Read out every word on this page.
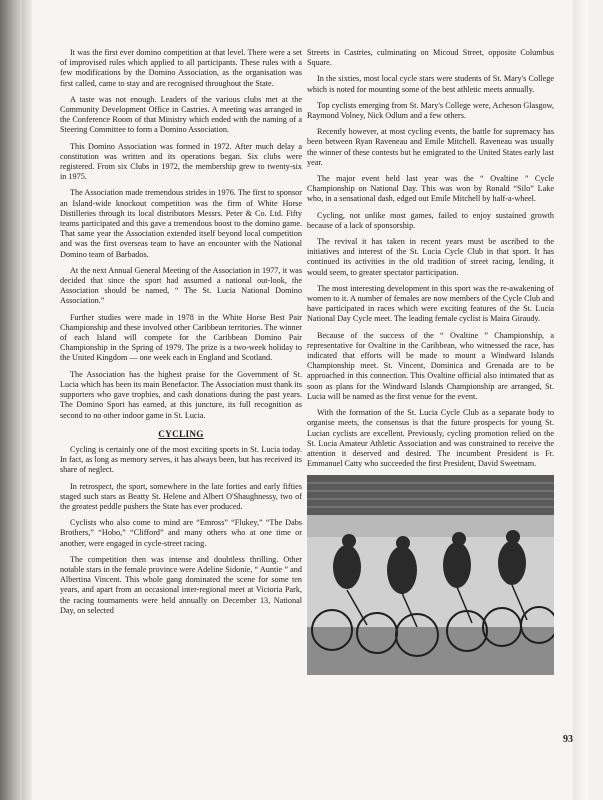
It was the first ever domino competition at that level. There were a set of improvised rules which applied to all participants. These rules with a few modifications by the Domino Association, as the organisation was first called, came to stay and are recognised throughout the State.

A taste was not enough. Leaders of the various clubs met at the Community Development Office in Castries. A meeting was arranged in the Conference Room of that Ministry which ended with the naming of a Steering Committee to form a Domino Association.

This Domino Association was formed in 1972. After much delay a constitution was written and its operations began. Six clubs were registered. From six Clubs in 1972, the membership grew to twenty-six in 1975.

The Association made tremendous strides in 1976. The first to sponsor an Island-wide knockout competition was the firm of White Horse Distilleries through its local distributors Messrs. Peter & Co. Ltd. Fifty teams participated and this gave a tremendous boost to the domino game. That same year the Association extended itself beyond local competition and was the first overseas team to have an encounter with the National Domino team of Barbados.

At the next Annual General Meeting of the Association in 1977, it was decided that since the sport had assumed a national out-look, the Association should be named, “ The St. Lucia National Domino Association.”

Further studies were made in 1978 in the White Horse Best Pair Championship and these involved other Caribbean territories. The winner of each Island will compete for the Caribbean Domino Pair Championship in the Spring of 1979. The prize is a two-week holiday to the United Kingdom — one week each in England and Scotland.

The Association has the highest praise for the Government of St. Lucia which has been its main Benefactor. The Association must thank its supporters who gave trophies, and cash donations during the past years. The Domino Sport has earned, at this juncture, its full recognition as second to no other indoor game in St. Lucia.

CYCLING

Cycling is certainly one of the most exciting sports in St. Lucia today. In fact, as long as memory serves, it has always been, but has received its share of neglect.

In retrospect, the sport, somewhere in the late forties and early fifties staged such stars as Beatty St. Helene and Albert O'Shaughnessy, two of the greatest peddle pushers the State has ever produced.

Cyclists who also come to mind are “Emross” “Flukey,” “The Dabs Brothers,” “Hobo,” “Clifford” and many others who at one time or another, were engaged in cycle-street racing.

The competition then was intense and doubtless thrilling. Other notable stars in the female province were Adeline Sidonie, “ Auntie ” and Albertina Vincent. This whole gang dominated the scene for some ten years, and apart from an occasional inter-regional meet at Victoria Park, the racing tournaments were held annually on December 13, National Day, on selected

Streets in Castries, culminating on Micoud Street, opposite Columbus Square.

In the sixties, most local cycle stars were students of St. Mary's College which is noted for mounting some of the best athletic meets annually.

Top cyclists emerging from St. Mary's College were, Acheson Glasgow, Raymond Volney, Nick Odlum and a few others.

Recently however, at most cycling events, the battle for supremacy has been between Ryan Raveneau and Emile Mitchell. Raveneau was usually the winner of these contests but he emigrated to the United States early last year.

The major event held last year was the “ Ovaltine ” Cycle Championship on National Day. This was won by Ronald “Silo” Lake who, in a sensational dash, edged out Emile Mitchell by half-a-wheel.

Cycling, not unlike most games, failed to enjoy sustained growth because of a lack of sponsorship.

The revival it has taken in recent years must be ascribed to the initiatives and interest of the St. Lucia Cycle Club in that sport. It has continued its activities in the old tradition of street racing, lending, it would seem, to greater spectator participation.

The most interesting development in this sport was the re-awakening of women to it. A number of females are now members of the Cycle Club and have participated in races which were exciting features of the St. Lucia National Day Cycle meet. The leading female cyclist is Maira Giraudy.

Because of the success of the “ Ovaltine ” Championship, a representative for Ovaltine in the Caribbean, who witnessed the race, has indicated that efforts will be made to mount a Windward Islands Championship meet. St. Vincent, Dominica and Grenada are to be approached in this connection. This Ovaltine official also intimated that as soon as plans for the Windward Islands Championship are arranged, St. Lucia will be named as the first venue for the event.

With the formation of the St. Lucia Cycle Club as a separate body to organise meets, the consensus is that the future prospects for young St. Lucian cyclists are excellent. Previously, cycling promotion relied on the St. Lucia Amateur Athletic Association and was constrained to receive the attention it deserved and desired. The incumbent President is Fr. Emmanuel Catty who succeeded the first President, David Sweetnam.

93
